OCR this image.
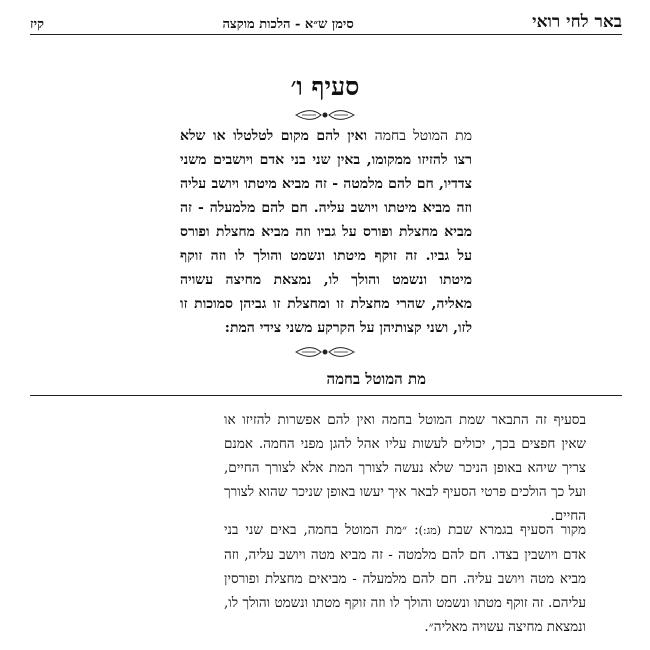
באר לחי רואי
סימן ש״א - הלכות מוקצה
קיז
סעיף ו׳
מת המוטל בחמה ואין להם מקום לטלטלו או שלא רצו להזיזו ממקומו, באין שני בני אדם ויושבים משני צדדיו, חם להם מלמטה - זה מביא מיטתו ויושב עליה וזה מביא מיטתו ויושב עליה. חם להם מלמעלה - זה מביא מחצלת ופורס על גביו וזה מביא מחצלת ופורס על גביו. זה זוקף מיטתו ונשמט והולך לו וזה זוקף מיטתו ונשמט והולך לו, נמצאת מחיצה עשויה מאליה, שהרי מחצלת זו ומחצלת זו גביהן סמוכות זו לזו, ושני קצותיהן על הקרקע משני צידי המת:
מת המוטל בחמה
בסעיף זה התבאר שמת המוטל בחמה ואין להם אפשרות להזיזו או שאין חפצים בכך, יכולים לעשות עליו אהל להגן מפני החמה. אמנם צריך שיהא באופן הניכר שלא נעשה לצורך המת אלא לצורך החיים, ועל כך הולכים פרטי הסעיף לבאר איך יעשו באופן שניכר שהוא לצורך החיים.
מקור הסעיף בגמרא שבת (מג:): ״מת המוטל בחמה, באים שני בני אדם ויושבין בצדו. חם להם מלמטה - זה מביא מטה ויושב עליה, וזה מביא מטה ויושב עליה. חם להם מלמעלה - מביאים מחצלת ופורסין עליהם. זה זוקף מטתו ונשמט והולך לו וזה זוקף מטתו ונשמט והולך לו, ונמצאת מחיצה עשויה מאליה״.
